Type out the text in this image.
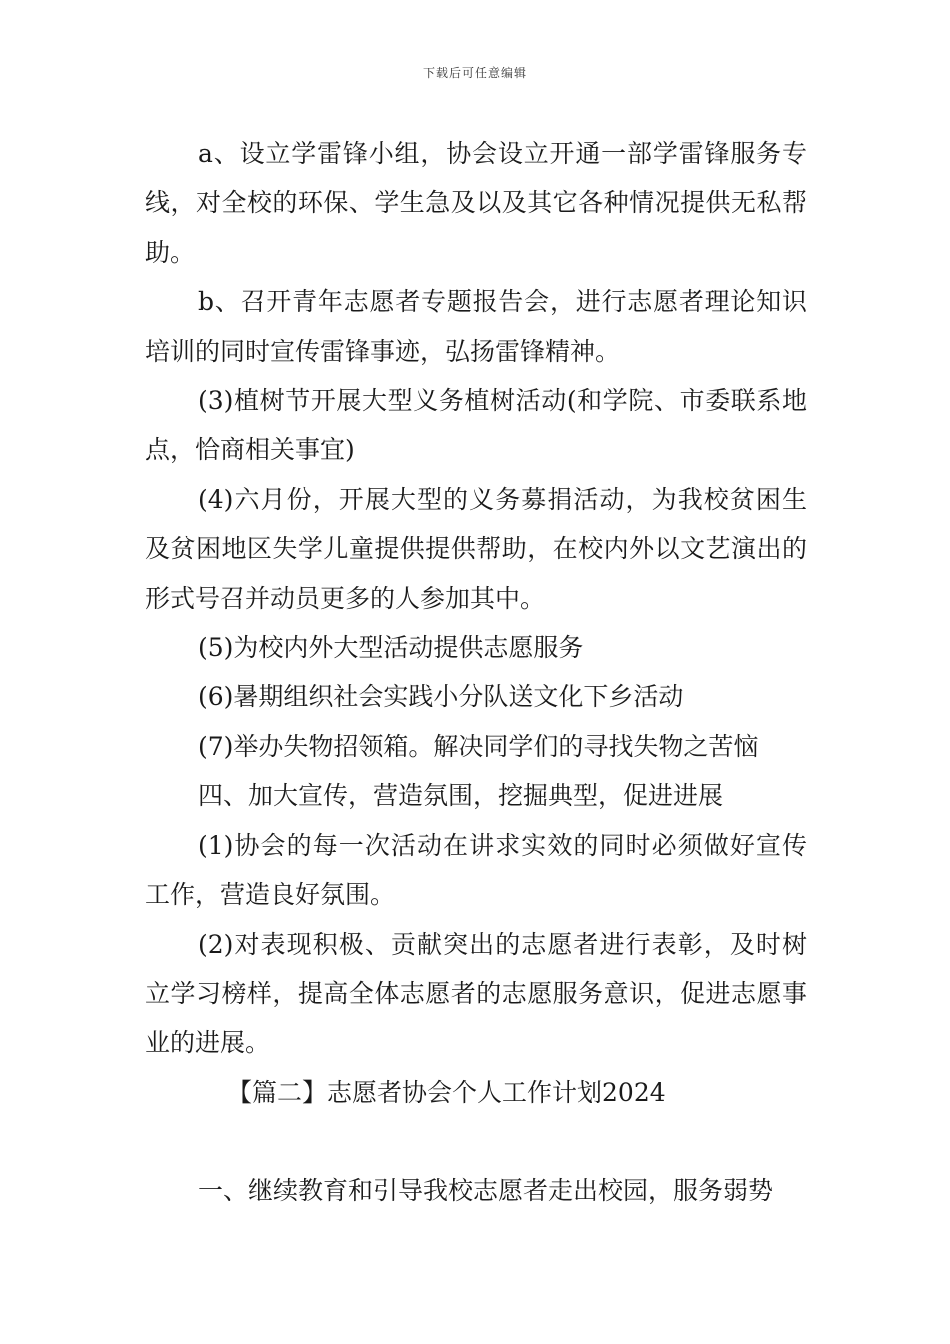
下载后可任意编辑

a、设立学雷锋小组，协会设立开通一部学雷锋服务专线，对全校的环保、学生急及以及其它各种情况提供无私帮助。

b、召开青年志愿者专题报告会，进行志愿者理论知识培训的同时宣传雷锋事迹，弘扬雷锋精神。

(3)植树节开展大型义务植树活动(和学院、市委联系地点，恰商相关事宜)

(4)六月份，开展大型的义务募捐活动，为我校贫困生及贫困地区失学儿童提供提供帮助，在校内外以文艺演出的形式号召并动员更多的人参加其中。

(5)为校内外大型活动提供志愿服务

(6)暑期组织社会实践小分队送文化下乡活动

(7)举办失物招领箱。解决同学们的寻找失物之苦恼

四、加大宣传，营造氛围，挖掘典型，促进进展

(1)协会的每一次活动在讲求实效的同时必须做好宣传工作，营造良好氛围。

(2)对表现积极、贡献突出的志愿者进行表彰，及时树立学习榜样，提高全体志愿者的志愿服务意识，促进志愿事业的进展。

【篇二】志愿者协会个人工作计划2024

一、继续教育和引导我校志愿者走出校园，服务弱势
